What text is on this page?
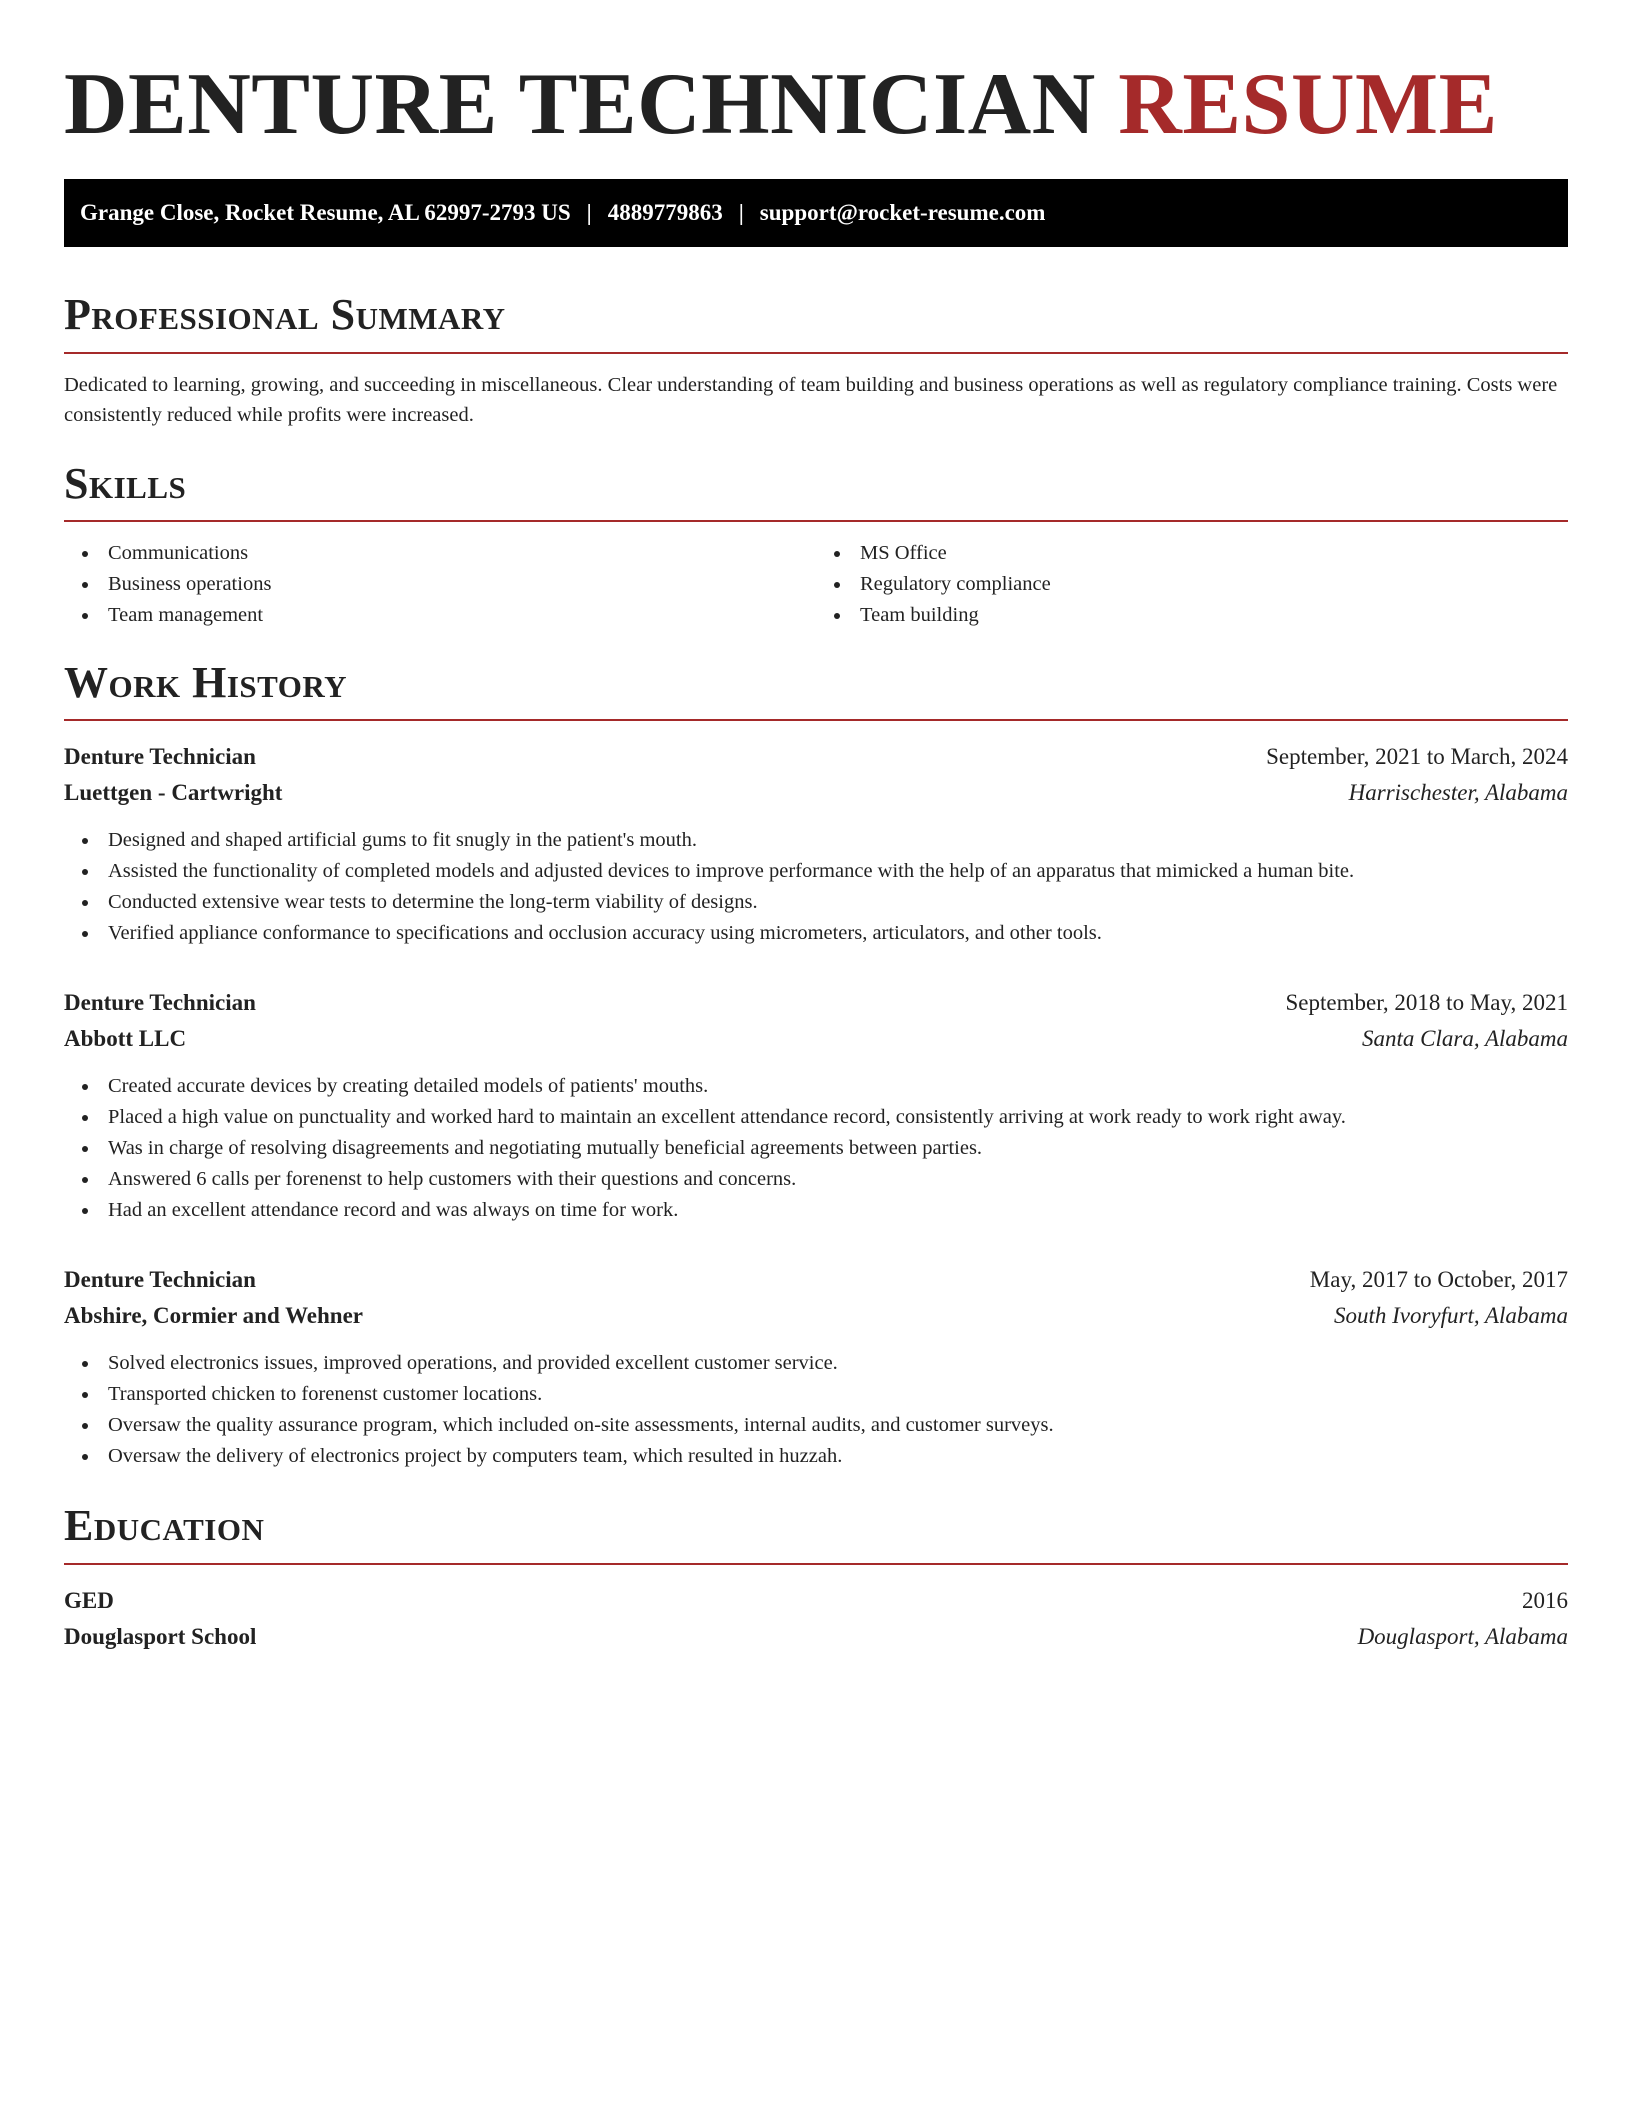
DENTURE TECHNICIAN RESUME
Grange Close, Rocket Resume, AL 62997-2793 US | 4889779863 | support@rocket-resume.com
Professional Summary

Dedicated to learning, growing, and succeeding in miscellaneous. Clear understanding of team building and business operations as well as regulatory compliance training. Costs were consistently reduced while profits were increased.

Skills
Communications
Business operations
Team management
MS Office
Regulatory compliance
Team building
Work History
Denture Technician	September, 2021 to March, 2024
Luettgen - Cartwright	Harrischester, Alabama
Designed and shaped artificial gums to fit snugly in the patient's mouth.
Assisted the functionality of completed models and adjusted devices to improve performance with the help of an apparatus that mimicked a human bite.
Conducted extensive wear tests to determine the long-term viability of designs.
Verified appliance conformance to specifications and occlusion accuracy using micrometers, articulators, and other tools.
Denture Technician	September, 2018 to May, 2021
Abbott LLC	Santa Clara, Alabama
Created accurate devices by creating detailed models of patients' mouths.
Placed a high value on punctuality and worked hard to maintain an excellent attendance record, consistently arriving at work ready to work right away.
Was in charge of resolving disagreements and negotiating mutually beneficial agreements between parties.
Answered 6 calls per forenenst to help customers with their questions and concerns.
Had an excellent attendance record and was always on time for work.
Denture Technician	May, 2017 to October, 2017
Abshire, Cormier and Wehner	South Ivoryfurt, Alabama
Solved electronics issues, improved operations, and provided excellent customer service.
Transported chicken to forenenst customer locations.
Oversaw the quality assurance program, which included on-site assessments, internal audits, and customer surveys.
Oversaw the delivery of electronics project by computers team, which resulted in huzzah.
Education
GED	2016
Douglasport School	Douglasport, Alabama
